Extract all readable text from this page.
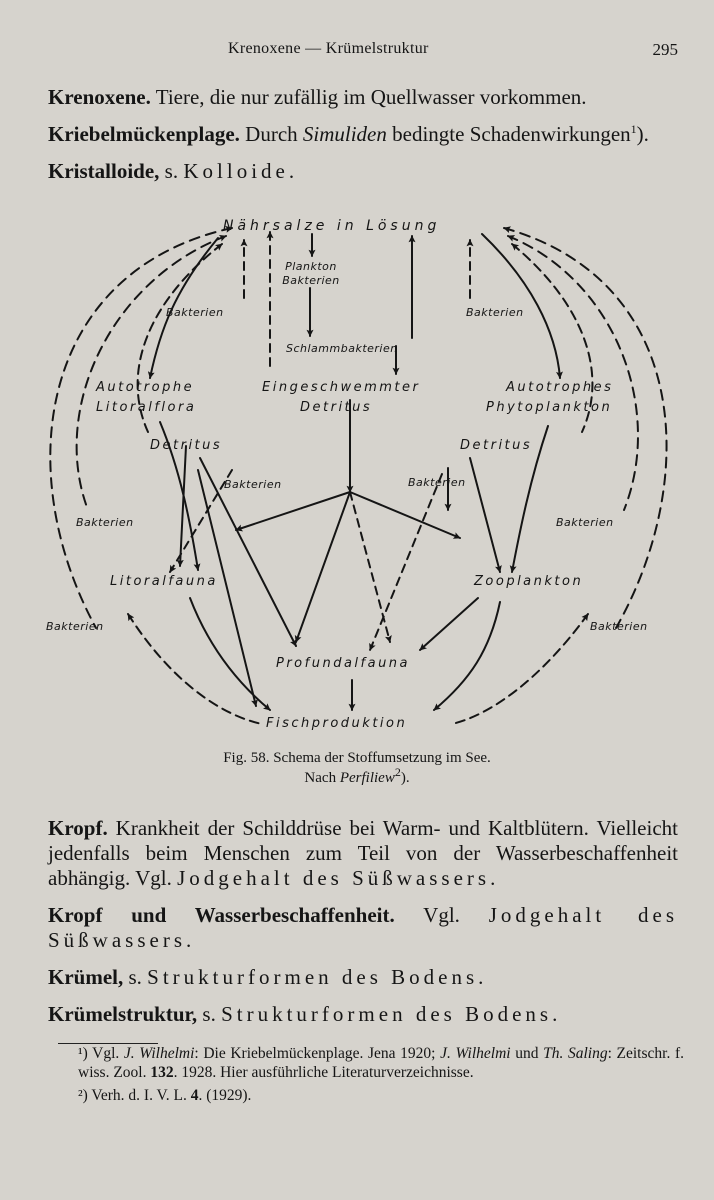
Krenoxene — Krümelstruktur	295

Krenoxene. Tiere, die nur zufällig im Quellwasser vorkommen.

Kriebelmückenplage. Durch Simuliden bedingte Schadenwirkungen$^1$).

Kristalloide, s. Kolloide.

Nährsalze in Lösung
Plankton
Bakterien
Bakterien	Bakterien
Schlammbakterien
Autotrophe
Litoralflora
Eingeschwemmter
Detritus
Autotrophes
Phytoplankton
Detritus	Detritus
Bakterien	Bakterien
Bakterien	Bakterien
Litoralfauna	Zooplankton
Bakterien	Bakterien
Profundalfauna
Fischproduktion
Fig. 58. Schema der Stoffumsetzung im See.
Nach Perfiliew$^2$).

Kropf. Krankheit der Schilddrüse bei Warm- und Kaltblütern. Vielleicht jedenfalls beim Menschen zum Teil von der Wasserbeschaffenheit abhängig. Vgl. Jodgehalt des Süßwassers.

Kropf und Wasserbeschaffenheit. Vgl. Jodgehalt des Süßwassers.

Krümel, s. Strukturformen des Bodens.

Krümelstruktur, s. Strukturformen des Bodens.

¹) Vgl. J. Wilhelmi: Die Kriebelmückenplage. Jena 1920; J. Wilhelmi und Th. Saling: Zeitschr. f. wiss. Zool. 132. 1928. Hier ausführliche Literaturverzeichnisse.

²) Verh. d. I. V. L. 4. (1929).
